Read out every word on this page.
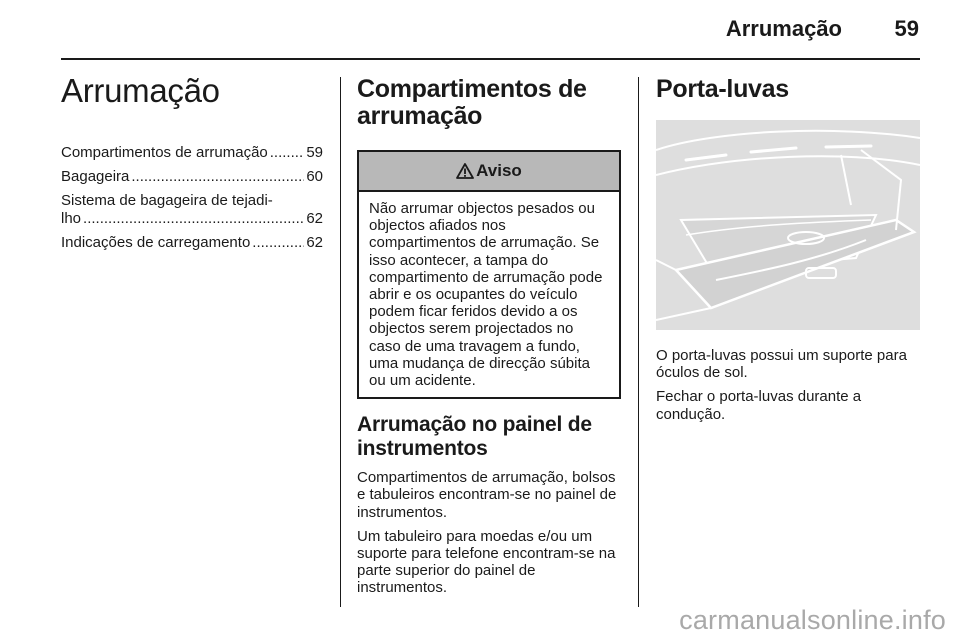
Arrumação 59
Arrumação
Compartimentos de arrumação .....	59
Bagageira .....	60
Sistema de bagageira de tejadi-
lho .....	62
Indicações de carregamento .....	62
Compartimentos de arrumação
Aviso
Não arrumar objectos pesados ou objectos afiados nos compartimentos de arrumação. Se isso acontecer, a tampa do compartimento de arrumação pode abrir e os ocupantes do veículo podem ficar feridos devido a os objectos serem projectados no caso de uma travagem a fundo, uma mudança de direcção súbita ou um acidente.
Arrumação no painel de instrumentos

Compartimentos de arrumação, bolsos e tabuleiros encontram-se no painel de instrumentos.

Um tabuleiro para moedas e/ou um suporte para telefone encontram-se na parte superior do painel de instrumentos.

Porta-luvas

O porta-luvas possui um suporte para óculos de sol.

Fechar o porta-luvas durante a condução.

carmanualsonline.info
